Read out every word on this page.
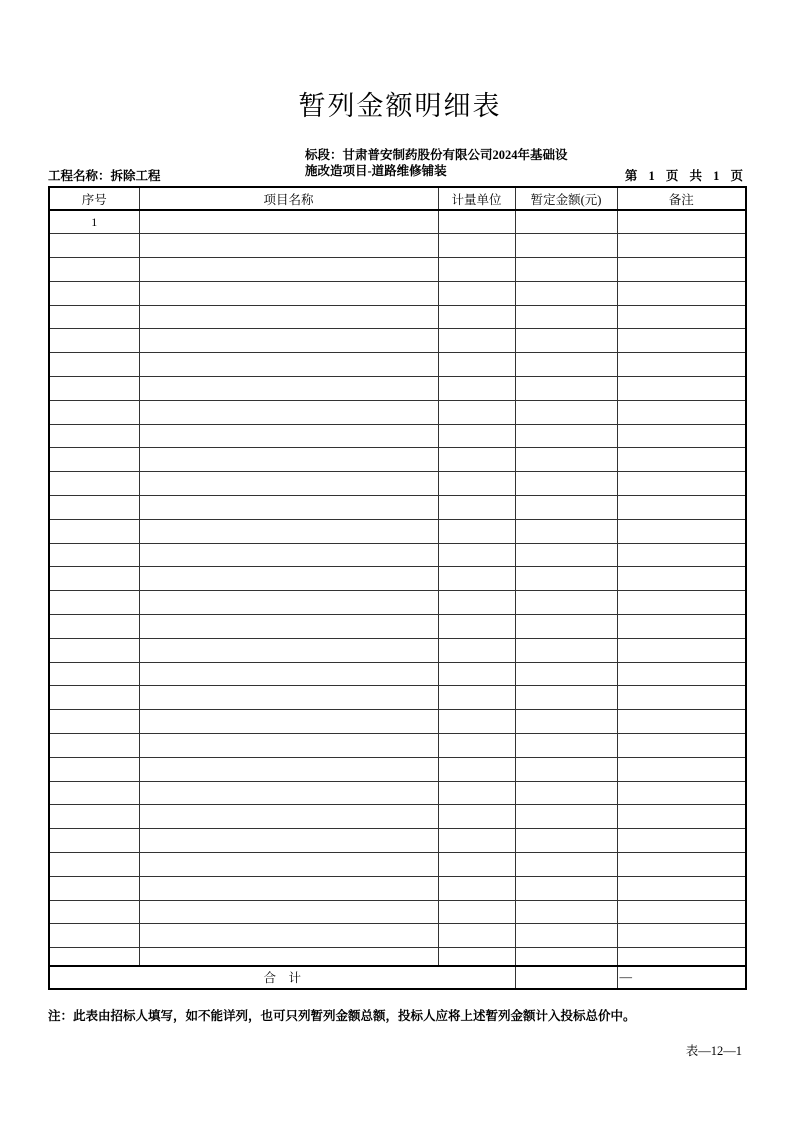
暂列金额明细表
工程名称：拆除工程
标段：甘肃普安制药股份有限公司2024年基础设
施改造项目-道路维修铺装	第 1 页 共 1 页
序号	项目名称	计量单位	暂定金额(元)	备注
1				

合　计				—
注：此表由招标人填写，如不能详列，也可只列暂列金额总额，投标人应将上述暂列金额计入投标总价中。
表—12—1
